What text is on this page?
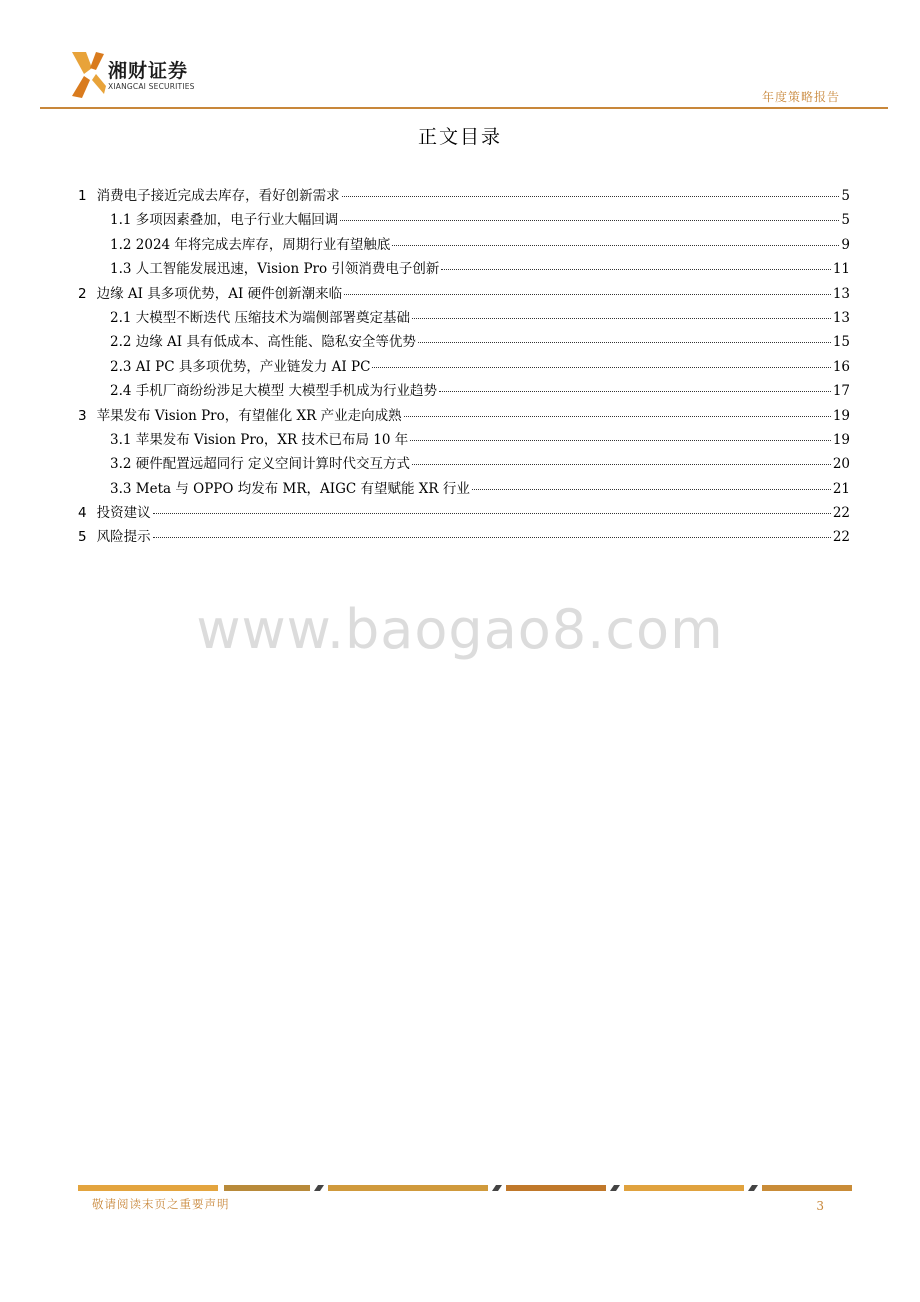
湘财证券
XIANGCAI SECURITIES
年度策略报告
正文目录
1 消费电子接近完成去库存，看好创新需求	5
1.1 多项因素叠加，电子行业大幅回调	5
1.2 2024 年将完成去库存，周期行业有望触底	9
1.3 人工智能发展迅速，Vision Pro 引领消费电子创新	11
2 边缘 AI 具多项优势，AI 硬件创新潮来临	13
2.1 大模型不断迭代 压缩技术为端侧部署奠定基础	13
2.2 边缘 AI 具有低成本、高性能、隐私安全等优势	15
2.3 AI PC 具多项优势，产业链发力 AI PC	16
2.4 手机厂商纷纷涉足大模型 大模型手机成为行业趋势	17
3 苹果发布 Vision Pro，有望催化 XR 产业走向成熟	19
3.1 苹果发布 Vision Pro，XR 技术已布局 10 年	19
3.2 硬件配置远超同行 定义空间计算时代交互方式	20
3.3 Meta 与 OPPO 均发布 MR，AIGC 有望赋能 XR 行业	21
4 投资建议	22
5 风险提示	22
www.baogao8.com
敬请阅读末页之重要声明	3
